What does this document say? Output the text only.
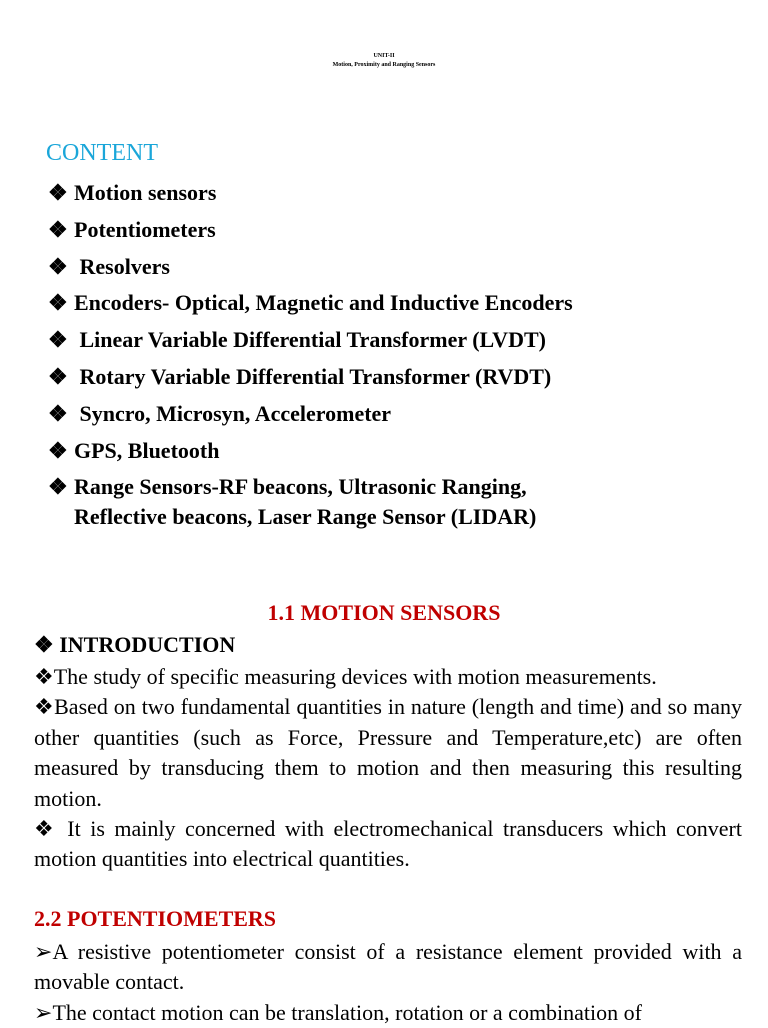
UNIT-II
Motion, Proximity and Ranging Sensors
CONTENT
❖ Motion sensors
❖ Potentiometers
❖ Resolvers
❖ Encoders- Optical, Magnetic and Inductive Encoders
❖ Linear Variable Differential Transformer (LVDT)
❖ Rotary Variable Differential Transformer (RVDT)
❖ Syncro, Microsyn, Accelerometer
❖ GPS, Bluetooth
❖ Range Sensors-RF beacons, Ultrasonic Ranging,
Reflective beacons, Laser Range Sensor (LIDAR)
1.1 MOTION SENSORS
❖ INTRODUCTION
❖The study of specific measuring devices with motion measurements.
❖Based on two fundamental quantities in nature (length and time) and so many other quantities (such as Force, Pressure and Temperature,etc) are often measured by transducing them to motion and then measuring this resulting motion.
❖ It is mainly concerned with electromechanical transducers which convert motion quantities into electrical quantities.
2.2 POTENTIOMETERS
➢A resistive potentiometer consist of a resistance element provided with a movable contact.
➢The contact motion can be translation, rotation or a combination of
